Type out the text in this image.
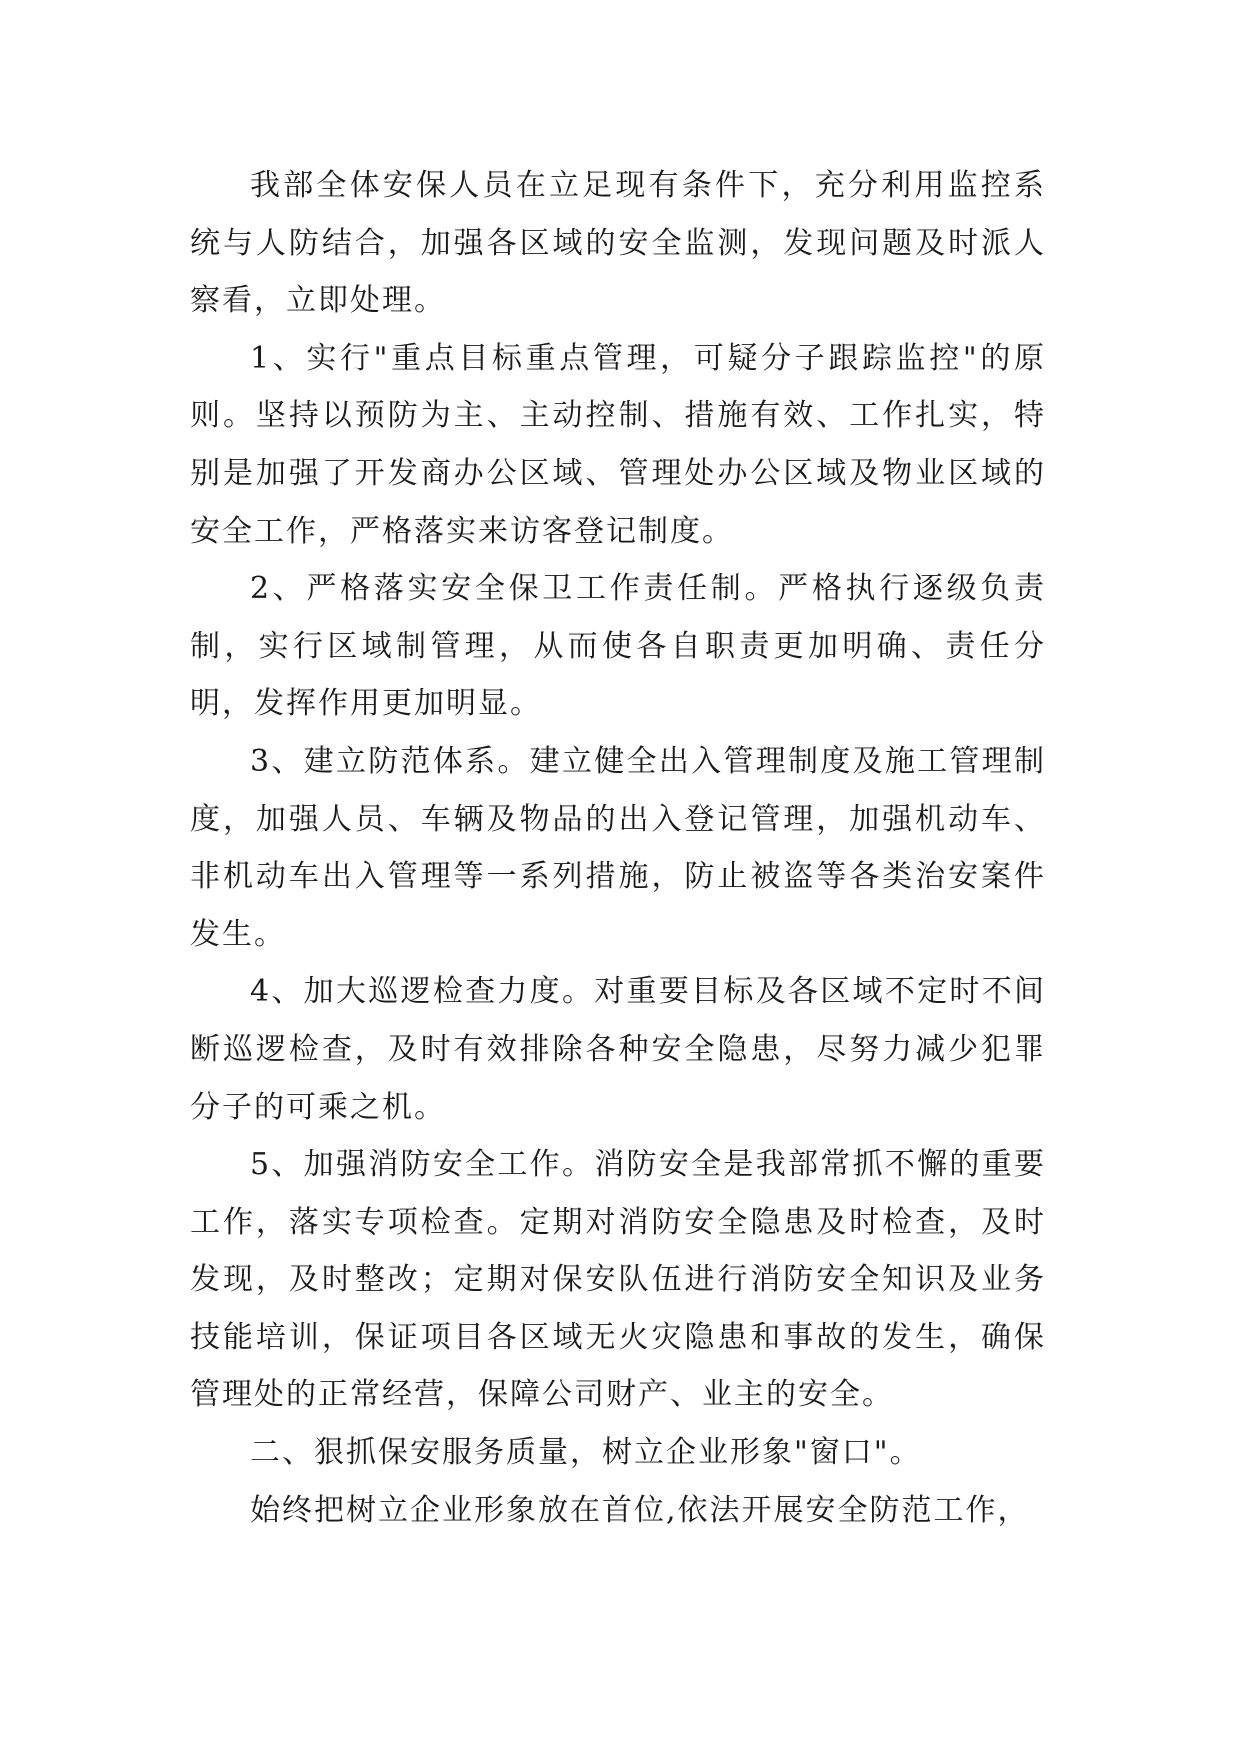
我部全体安保人员在立足现有条件下，充分利用监控系统与人防结合，加强各区域的安全监测，发现问题及时派人察看，立即处理。

1、实行"重点目标重点管理，可疑分子跟踪监控"的原则。坚持以预防为主、主动控制、措施有效、工作扎实，特别是加强了开发商办公区域、管理处办公区域及物业区域的安全工作，严格落实来访客登记制度。

2、严格落实安全保卫工作责任制。严格执行逐级负责制，实行区域制管理，从而使各自职责更加明确、责任分明，发挥作用更加明显。

3、建立防范体系。建立健全出入管理制度及施工管理制度，加强人员、车辆及物品的出入登记管理，加强机动车、非机动车出入管理等一系列措施，防止被盗等各类治安案件发生。

4、加大巡逻检查力度。对重要目标及各区域不定时不间断巡逻检查，及时有效排除各种安全隐患，尽努力减少犯罪分子的可乘之机。

5、加强消防安全工作。消防安全是我部常抓不懈的重要工作，落实专项检查。定期对消防安全隐患及时检查，及时发现，及时整改；定期对保安队伍进行消防安全知识及业务技能培训，保证项目各区域无火灾隐患和事故的发生，确保管理处的正常经营，保障公司财产、业主的安全。

二、狠抓保安服务质量，树立企业形象"窗口"。

始终把树立企业形象放在首位,依法开展安全防范工作，
